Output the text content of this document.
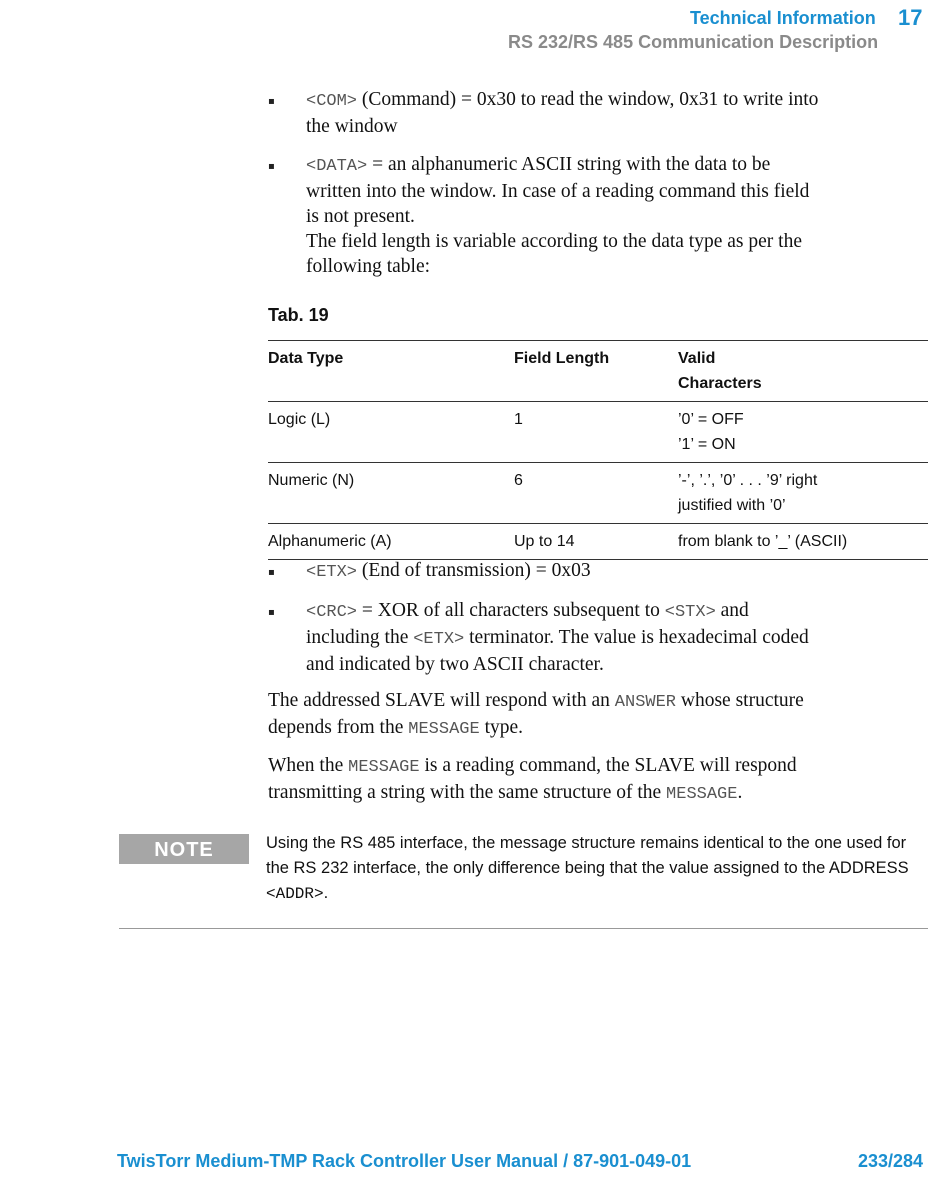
Technical Information 17
RS 232/RS 485 Communication Description
▪ <COM> (Command) = 0x30 to read the window, 0x31 to write into
the window
▪ <DATA> = an alphanumeric ASCII string with the data to be
written into the window. In case of a reading command this field
is not present.
The field length is variable according to the data type as per the
following table:
Tab. 19
Data Type	Field Length	Valid
Characters
Logic (L)	1	’0’ = OFF
’1’ = ON
Numeric (N)	6	’-’, ’.’, ’0’ . . . ’9’ right
justified with ’0’
Alphanumeric (A)	Up to 14	from blank to ’_’ (ASCII)
▪ <ETX> (End of transmission) = 0x03
▪ <CRC> = XOR of all characters subsequent to <STX> and
including the <ETX> terminator. The value is hexadecimal coded
and indicated by two ASCII character.
The addressed SLAVE will respond with an ANSWER whose structure
depends from the MESSAGE type.
When the MESSAGE is a reading command, the SLAVE will respond
transmitting a string with the same structure of the MESSAGE.
NOTE	Using the RS 485 interface, the message structure remains identical to the one used for
the RS 232 interface, the only difference being that the value assigned to the ADDRESS
<ADDR>.
TwisTorr Medium-TMP Rack Controller User Manual / 87-901-049-01	233/284
